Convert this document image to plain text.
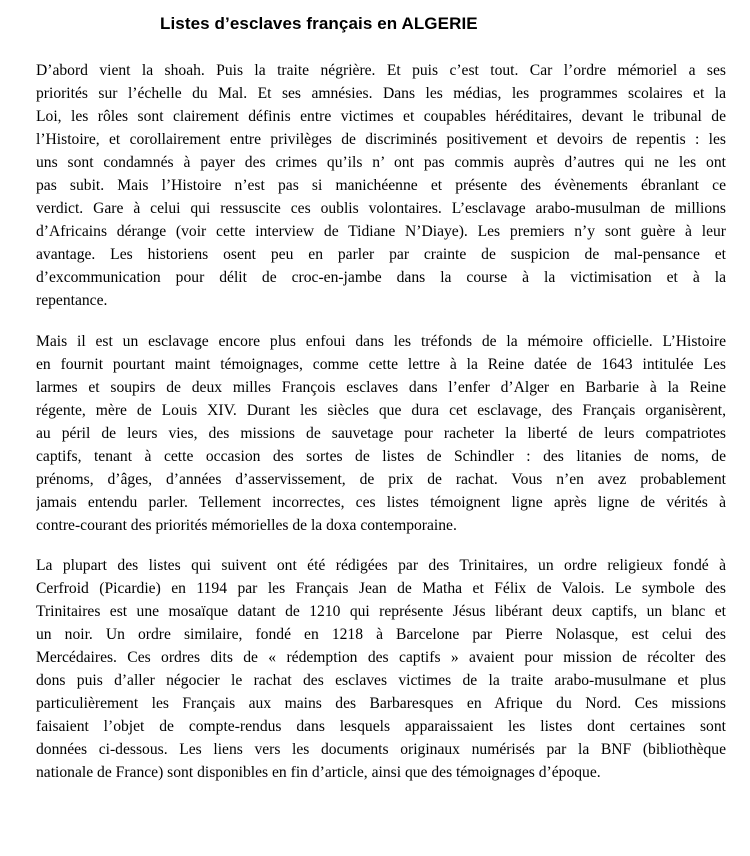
Listes d’esclaves français en ALGERIE
D’abord vient la shoah. Puis la traite négrière. Et puis c’est tout. Car l’ordre mémoriel a ses
priorités sur l’échelle du Mal. Et ses amnésies. Dans les médias, les programmes scolaires et la
Loi, les rôles sont clairement définis entre victimes et coupables héréditaires, devant le tribunal de
l’Histoire, et corollairement entre privilèges de discriminés positivement et devoirs de repentis : les
uns sont condamnés à payer des crimes qu’ils n’ ont pas commis auprès d’autres qui ne les ont
pas subit. Mais l’Histoire n’est pas si manichéenne et présente des évènements ébranlant ce
verdict. Gare à celui qui ressuscite ces oublis volontaires. L’esclavage arabo-musulman de millions
d’Africains dérange (voir cette interview de Tidiane N’Diaye). Les premiers n’y sont guère à leur
avantage. Les historiens osent peu en parler par crainte de suspicion de mal-pensance et
d’excommunication pour délit de croc-en-jambe dans la course à la victimisation et à la
repentance.
Mais il est un esclavage encore plus enfoui dans les tréfonds de la mémoire officielle. L’Histoire
en fournit pourtant maint témoignages, comme cette lettre à la Reine datée de 1643 intitulée Les
larmes et soupirs de deux milles François esclaves dans l’enfer d’Alger en Barbarie à la Reine
régente, mère de Louis XIV. Durant les siècles que dura cet esclavage, des Français organisèrent,
au péril de leurs vies, des missions de sauvetage pour racheter la liberté de leurs compatriotes
captifs, tenant à cette occasion des sortes de listes de Schindler : des litanies de noms, de
prénoms, d’âges, d’années d’asservissement, de prix de rachat. Vous n’en avez probablement
jamais entendu parler. Tellement incorrectes, ces listes témoignent ligne après ligne de vérités à
contre-courant des priorités mémorielles de la doxa contemporaine.
La plupart des listes qui suivent ont été rédigées par des Trinitaires, un ordre religieux fondé à
Cerfroid (Picardie) en 1194 par les Français Jean de Matha et Félix de Valois. Le symbole des
Trinitaires est une mosaïque datant de 1210 qui représente Jésus libérant deux captifs, un blanc et
un noir. Un ordre similaire, fondé en 1218 à Barcelone par Pierre Nolasque, est celui des
Mercédaires. Ces ordres dits de « rédemption des captifs » avaient pour mission de récolter des
dons puis d’aller négocier le rachat des esclaves victimes de la traite arabo-musulmane et plus
particulièrement les Français aux mains des Barbaresques en Afrique du Nord. Ces missions
faisaient l’objet de compte-rendus dans lesquels apparaissaient les listes dont certaines sont
données ci-dessous. Les liens vers les documents originaux numérisés par la BNF (bibliothèque
nationale de France) sont disponibles en fin d’article, ainsi que des témoignages d’époque.
